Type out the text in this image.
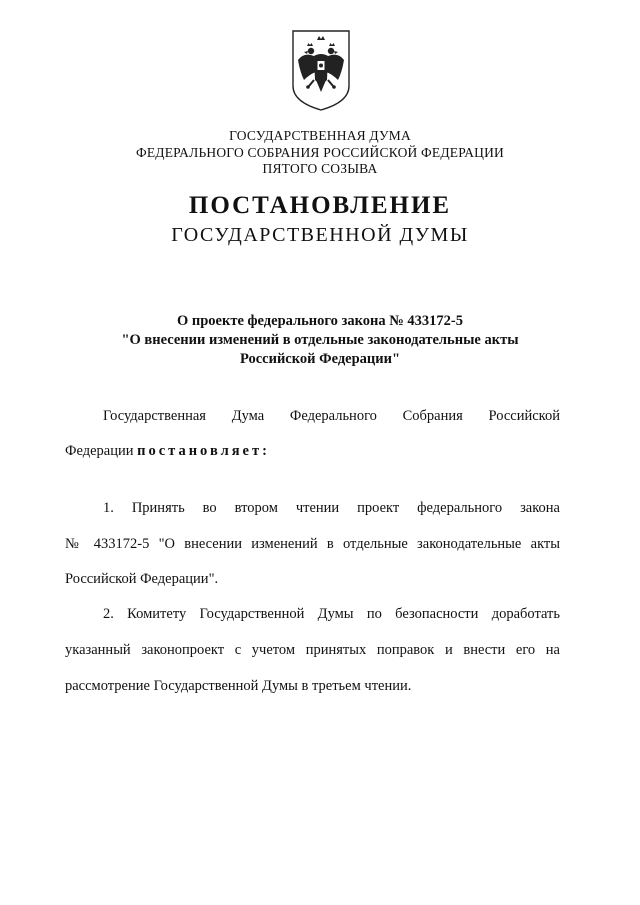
ГОСУДАРСТВЕННАЯ ДУМА
ФЕДЕРАЛЬНОГО СОБРАНИЯ РОССИЙСКОЙ ФЕДЕРАЦИИ
ПЯТОГО СОЗЫВА
ПОСТАНОВЛЕНИЕ
ГОСУДАРСТВЕННОЙ ДУМЫ
О проекте федерального закона № 433172-5
"О внесении изменений в отдельные законодательные акты
Российской Федерации"
Государственная Дума Федерального Собрания Российской
Федерации постановляет:
1. Принять во втором чтении проект федерального закона
№ 433172-5 "О внесении изменений в отдельные законодательные акты
Российской Федерации".
2. Комитету Государственной Думы по безопасности доработать
указанный законопроект с учетом принятых поправок и внести его на
рассмотрение Государственной Думы в третьем чтении.
